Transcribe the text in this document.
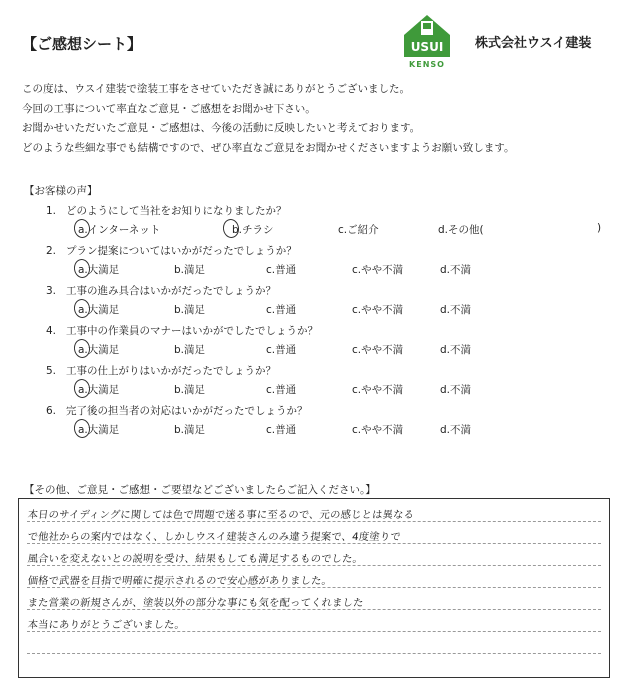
【ご感想シート】	USUI
KENSO
株式会社ウスイ建装
この度は、ウスイ建装で塗装工事をさせていただき誠にありがとうございました。
今回の工事について率直なご意見・ご感想をお聞かせ下さい。
お聞かせいただいたご意見・ご感想は、今後の活動に反映したいと考えております。
どのような些細な事でも結構ですので、ぜひ率直なご意見をお聞かせくださいますようお願い致します。
【お客様の声】
1. どのようにして当社をお知りになりましたか？
a.インターネット	b.チラシ	c.ご紹介	d.その他(	)
2. プラン提案についてはいかがだったでしょうか？
a.大満足	b.満足	c.普通	c.やや不満	d.不満
3. 工事の進み具合はいかがだったでしょうか？
a.大満足	b.満足	c.普通	c.やや不満	d.不満
4. 工事中の作業員のマナーはいかがでしたでしょうか？
a.大満足	b.満足	c.普通	c.やや不満	d.不満
5. 工事の仕上がりはいかがだったでしょうか？
a.大満足	b.満足	c.普通	c.やや不満	d.不満
6. 完了後の担当者の対応はいかがだったでしょうか？
a.大満足	b.満足	c.普通	c.やや不満	d.不満
【その他、ご意見・ご感想・ご要望などございましたらご記入ください。】
本日のサイディングに関しては色で問題で迷る事に至るので、元の感じとは異なる
で他社からの案内ではなく、しかしウスイ建装さんのみ違う提案で、4度塗りで
風合いを変えないとの説明を受け、結果もしても満足するものでした。
価格で武器を目指で明確に提示されるので安心感がありました。
また営業の新規さんが、塗装以外の部分な事にも気を配ってくれました
本当にありがとうございました。
